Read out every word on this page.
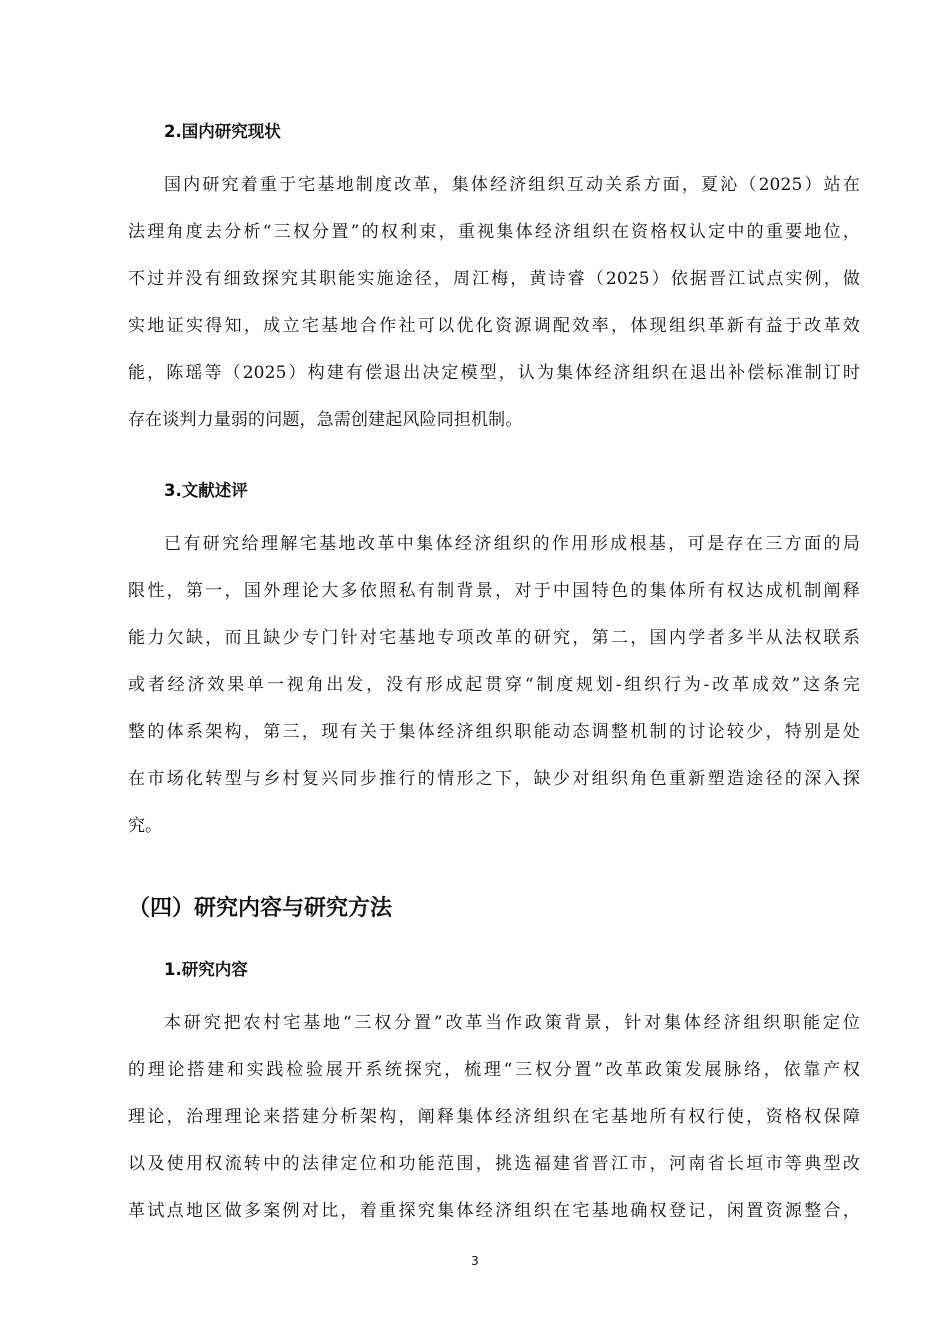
2.国内研究现状
国内研究着重于宅基地制度改革，集体经济组织互动关系方面，夏沁（2025）站在
法理角度去分析“三权分置”的权利束，重视集体经济组织在资格权认定中的重要地位，
不过并没有细致探究其职能实施途径，周江梅，黄诗睿（2025）依据晋江试点实例，做
实地证实得知，成立宅基地合作社可以优化资源调配效率，体现组织革新有益于改革效
能，陈瑶等（2025）构建有偿退出决定模型，认为集体经济组织在退出补偿标准制订时
存在谈判力量弱的问题，急需创建起风险同担机制。
3.文献述评
已有研究给理解宅基地改革中集体经济组织的作用形成根基，可是存在三方面的局
限性，第一，国外理论大多依照私有制背景，对于中国特色的集体所有权达成机制阐释
能力欠缺，而且缺少专门针对宅基地专项改革的研究，第二，国内学者多半从法权联系
或者经济效果单一视角出发，没有形成起贯穿“制度规划-组织行为-改革成效”这条完
整的体系架构，第三，现有关于集体经济组织职能动态调整机制的讨论较少，特别是处
在市场化转型与乡村复兴同步推行的情形之下，缺少对组织角色重新塑造途径的深入探
究。
（四）研究内容与研究方法
1.研究内容
本研究把农村宅基地“三权分置”改革当作政策背景，针对集体经济组织职能定位
的理论搭建和实践检验展开系统探究，梳理“三权分置”改革政策发展脉络，依靠产权
理论，治理理论来搭建分析架构，阐释集体经济组织在宅基地所有权行使，资格权保障
以及使用权流转中的法律定位和功能范围，挑选福建省晋江市，河南省长垣市等典型改
革试点地区做多案例对比，着重探究集体经济组织在宅基地确权登记，闲置资源整合，
3
